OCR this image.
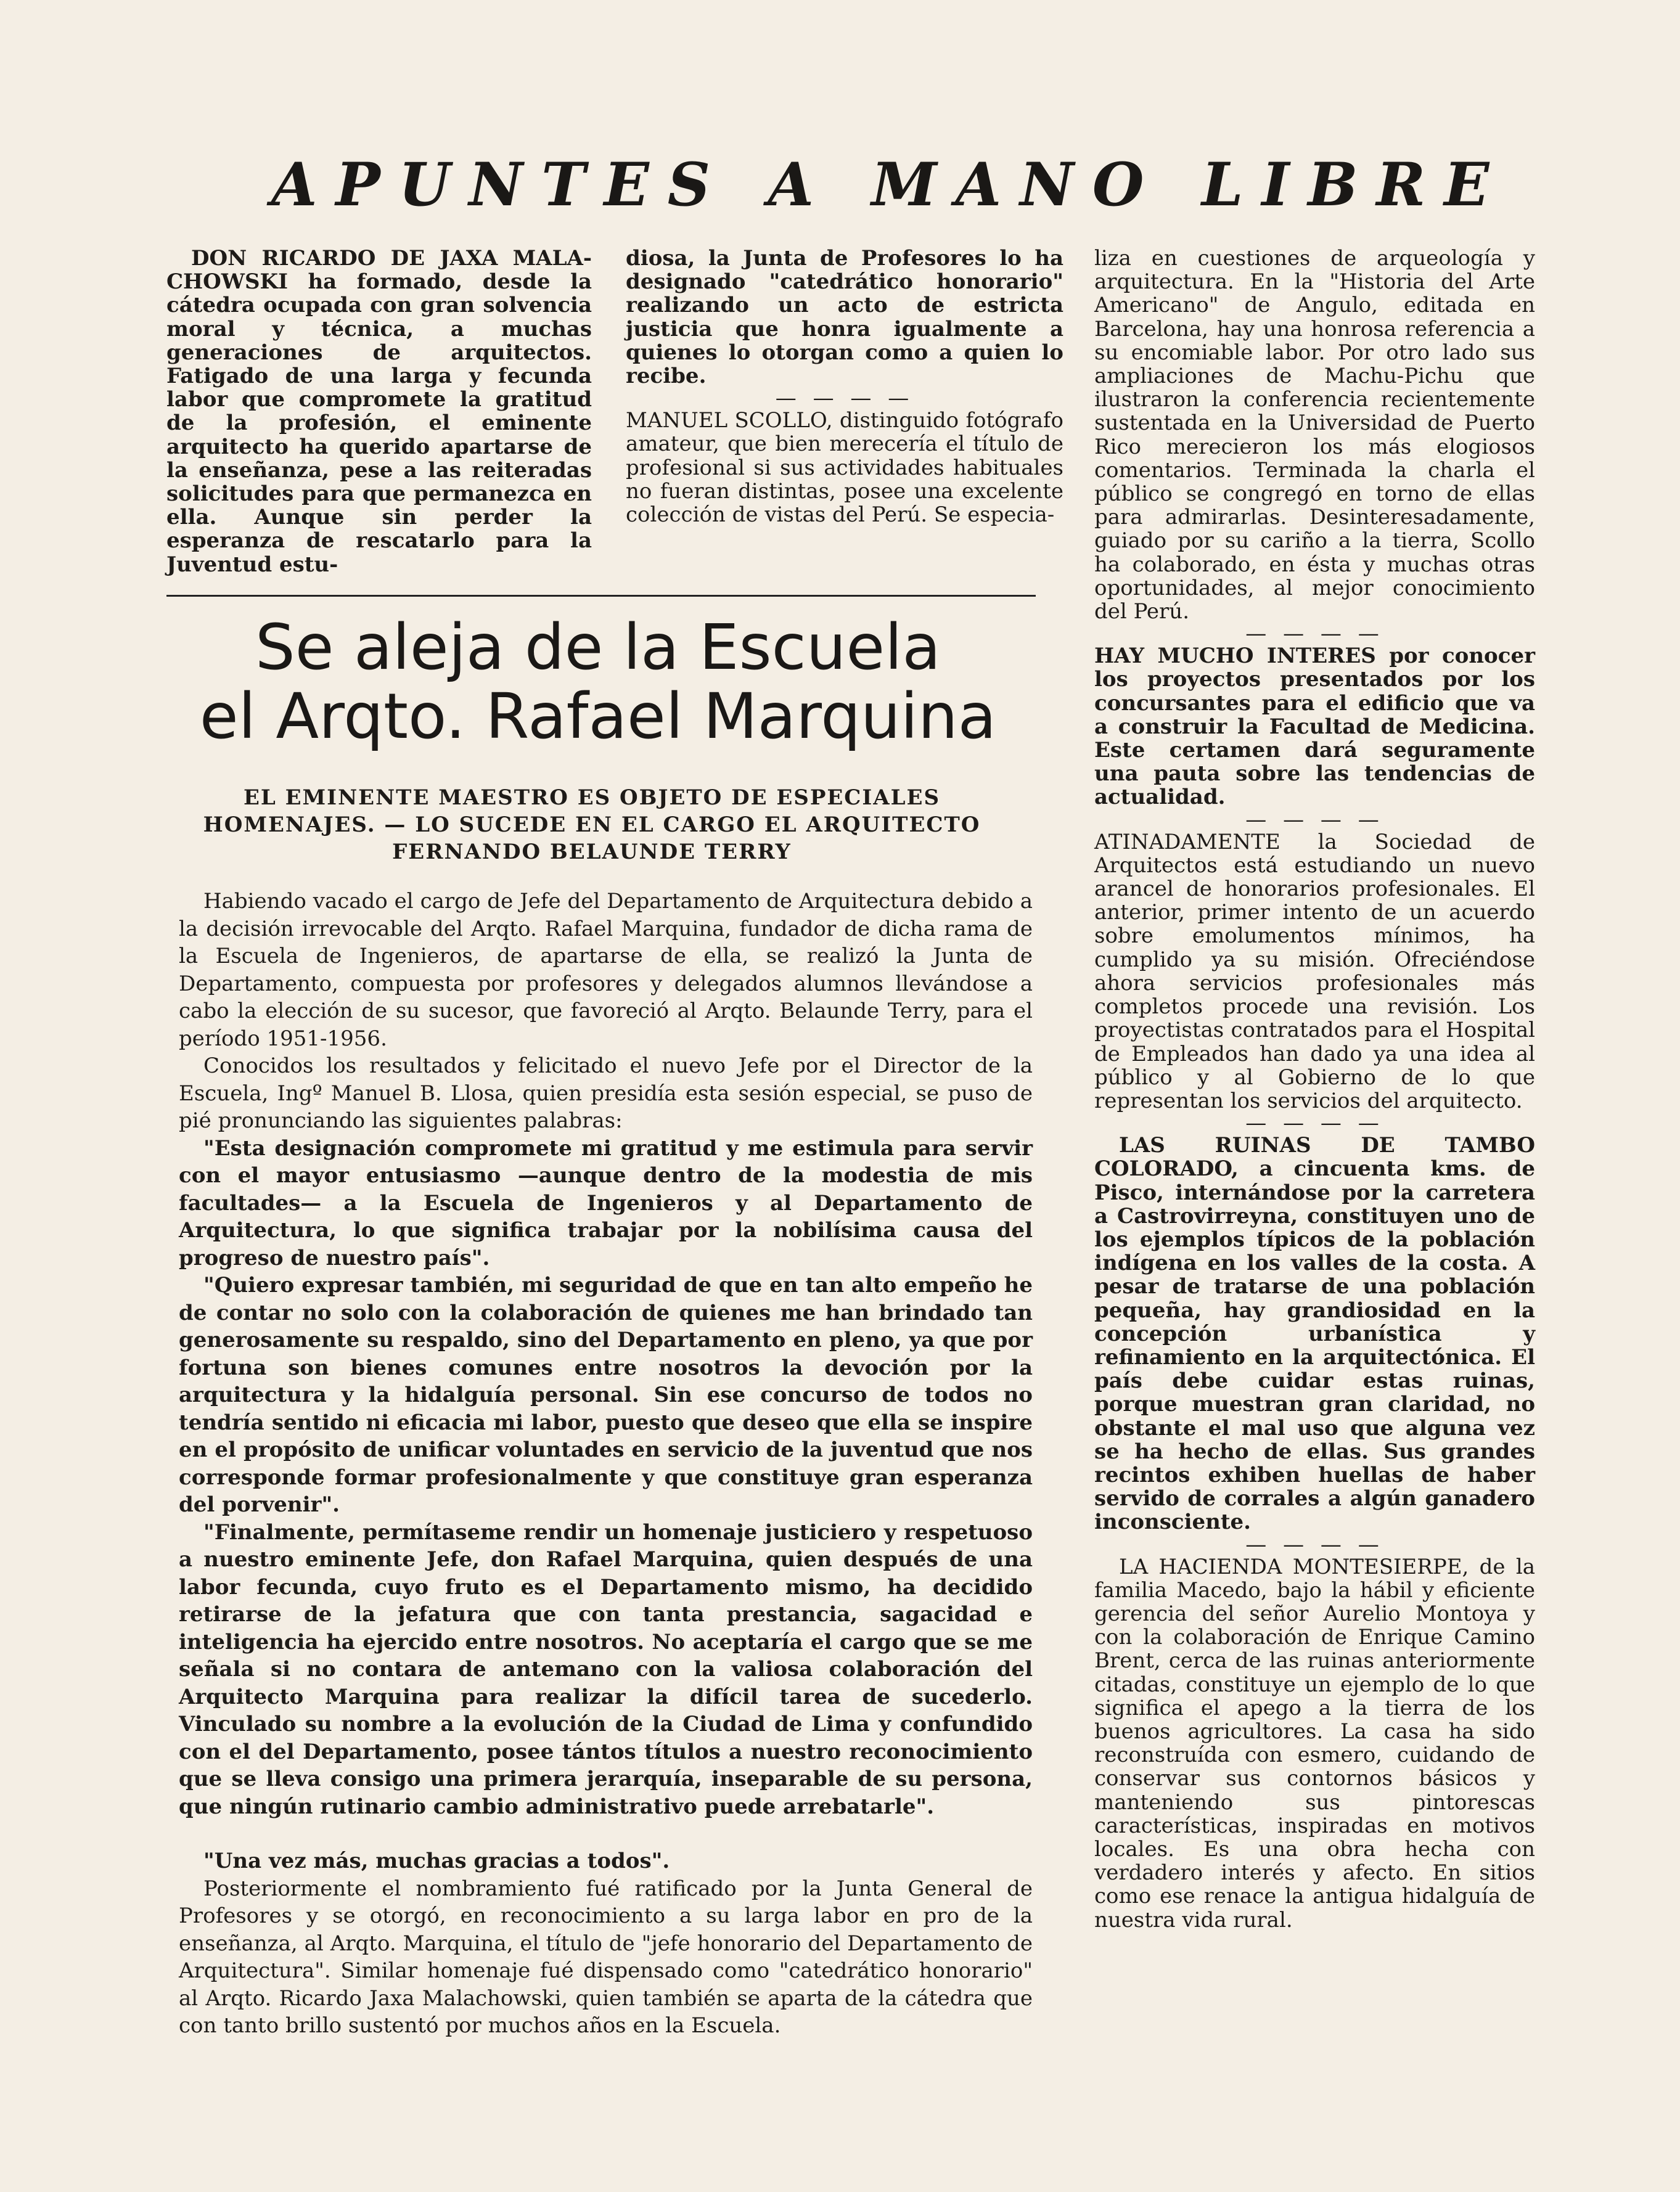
APUNTES A MANO LIBRE

DON RICARDO DE JAXA MALA-CHOWSKI ha formado, desde la cátedra ocupada con gran solvencia moral y técnica, a muchas generaciones de arquitectos. Fatigado de una larga y fecunda labor que compromete la gratitud de la profesión, el eminente arquitecto ha querido apartarse de la enseñanza, pese a las reiteradas solicitudes para que permanezca en ella. Aunque sin perder la esperanza de rescatarlo para la Juventud estu-

diosa, la Junta de Profesores lo ha designado "catedrático honorario" realizando un acto de estricta justicia que honra igualmente a quienes lo otorgan como a quien lo recibe.

— — — —

MANUEL SCOLLO, distinguido fotógrafo amateur, que bien merecería el título de profesional si sus actividades habituales no fueran distintas, posee una excelente colección de vistas del Perú. Se especia-

liza en cuestiones de arqueología y arquitectura. En la "Historia del Arte Americano" de Angulo, editada en Barcelona, hay una honrosa referencia a su encomiable labor. Por otro lado sus ampliaciones de Machu-Pichu que ilustraron la conferencia recientemente sustentada en la Universidad de Puerto Rico merecieron los más elogiosos comentarios. Terminada la charla el público se congregó en torno de ellas para admirarlas. Desinteresadamente, guiado por su cariño a la tierra, Scollo ha colaborado, en ésta y muchas otras oportunidades, al mejor conocimiento del Perú.

— — — —

HAY MUCHO INTERES por conocer los proyectos presentados por los concursantes para el edificio que va a construir la Facultad de Medicina. Este certamen dará seguramente una pauta sobre las tendencias de actualidad.

— — — —

ATINADAMENTE la Sociedad de Arquitectos está estudiando un nuevo arancel de honorarios profesionales. El anterior, primer intento de un acuerdo sobre emolumentos mínimos, ha cumplido ya su misión. Ofreciéndose ahora servicios profesionales más completos procede una revisión. Los proyectistas contratados para el Hospital de Empleados han dado ya una idea al público y al Gobierno de lo que representan los servicios del arquitecto.

— — — —

LAS RUINAS DE TAMBO COLORADO, a cincuenta kms. de Pisco, internándose por la carretera a Castrovirreyna, constituyen uno de los ejemplos típicos de la población indígena en los valles de la costa. A pesar de tratarse de una población pequeña, hay grandiosidad en la concepción urbanística y refinamiento en la arquitectónica. El país debe cuidar estas ruinas, porque muestran gran claridad, no obstante el mal uso que alguna vez se ha hecho de ellas. Sus grandes recintos exhiben huellas de haber servido de corrales a algún ganadero inconsciente.

— — — —

LA HACIENDA MONTESIERPE, de la familia Macedo, bajo la hábil y eficiente gerencia del señor Aurelio Montoya y con la colaboración de Enrique Camino Brent, cerca de las ruinas anteriormente citadas, constituye un ejemplo de lo que significa el apego a la tierra de los buenos agricultores. La casa ha sido reconstruída con esmero, cuidando de conservar sus contornos básicos y manteniendo sus pintorescas características, inspiradas en motivos locales. Es una obra hecha con verdadero interés y afecto. En sitios como ese renace la antigua hidalguía de nuestra vida rural.

Se aleja de la Escuela
el Arqto. Rafael Marquina
EL EMINENTE MAESTRO ES OBJETO DE ESPECIALES HOMENAJES. — LO SUCEDE EN EL CARGO EL ARQUITECTO FERNANDO BELAUNDE TERRY

Habiendo vacado el cargo de Jefe del Departamento de Arquitectura debido a la decisión irrevocable del Arqto. Rafael Marquina, fundador de dicha rama de la Escuela de Ingenieros, de apartarse de ella, se realizó la Junta de Departamento, compuesta por profesores y delegados alumnos llevándose a cabo la elección de su sucesor, que favoreció al Arqto. Belaunde Terry, para el período 1951-1956.

Conocidos los resultados y felicitado el nuevo Jefe por el Director de la Escuela, Ingº Manuel B. Llosa, quien presidía esta sesión especial, se puso de pié pronunciando las siguientes palabras:

"Esta designación compromete mi gratitud y me estimula para servir con el mayor entusiasmo —aunque dentro de la modestia de mis facultades— a la Escuela de Ingenieros y al Departamento de Arquitectura, lo que significa trabajar por la nobilísima causa del progreso de nuestro país".

"Quiero expresar también, mi seguridad de que en tan alto empeño he de contar no solo con la colaboración de quienes me han brindado tan generosamente su respaldo, sino del Departamento en pleno, ya que por fortuna son bienes comunes entre nosotros la devoción por la arquitectura y la hidalguía personal. Sin ese concurso de todos no tendría sentido ni eficacia mi labor, puesto que deseo que ella se inspire en el propósito de unificar voluntades en servicio de la juventud que nos corresponde formar profesionalmente y que constituye gran esperanza del porvenir".

"Finalmente, permítaseme rendir un homenaje justiciero y respetuoso a nuestro eminente Jefe, don Rafael Marquina, quien después de una labor fecunda, cuyo fruto es el Departamento mismo, ha decidido retirarse de la jefatura que con tanta prestancia, sagacidad e inteligencia ha ejercido entre nosotros. No aceptaría el cargo que se me señala si no contara de antemano con la valiosa colaboración del Arquitecto Marquina para realizar la difícil tarea de sucederlo. Vinculado su nombre a la evolución de la Ciudad de Lima y confundido con el del Departamento, posee tántos títulos a nuestro reconocimiento que se lleva consigo una primera jerarquía, inseparable de su persona, que ningún rutinario cambio administrativo puede arrebatarle".

"Una vez más, muchas gracias a todos".

Posteriormente el nombramiento fué ratificado por la Junta General de Profesores y se otorgó, en reconocimiento a su larga labor en pro de la enseñanza, al Arqto. Marquina, el título de "jefe honorario del Departamento de Arquitectura". Similar homenaje fué dispensado como "catedrático honorario" al Arqto. Ricardo Jaxa Malachowski, quien también se aparta de la cátedra que con tanto brillo sustentó por muchos años en la Escuela.
